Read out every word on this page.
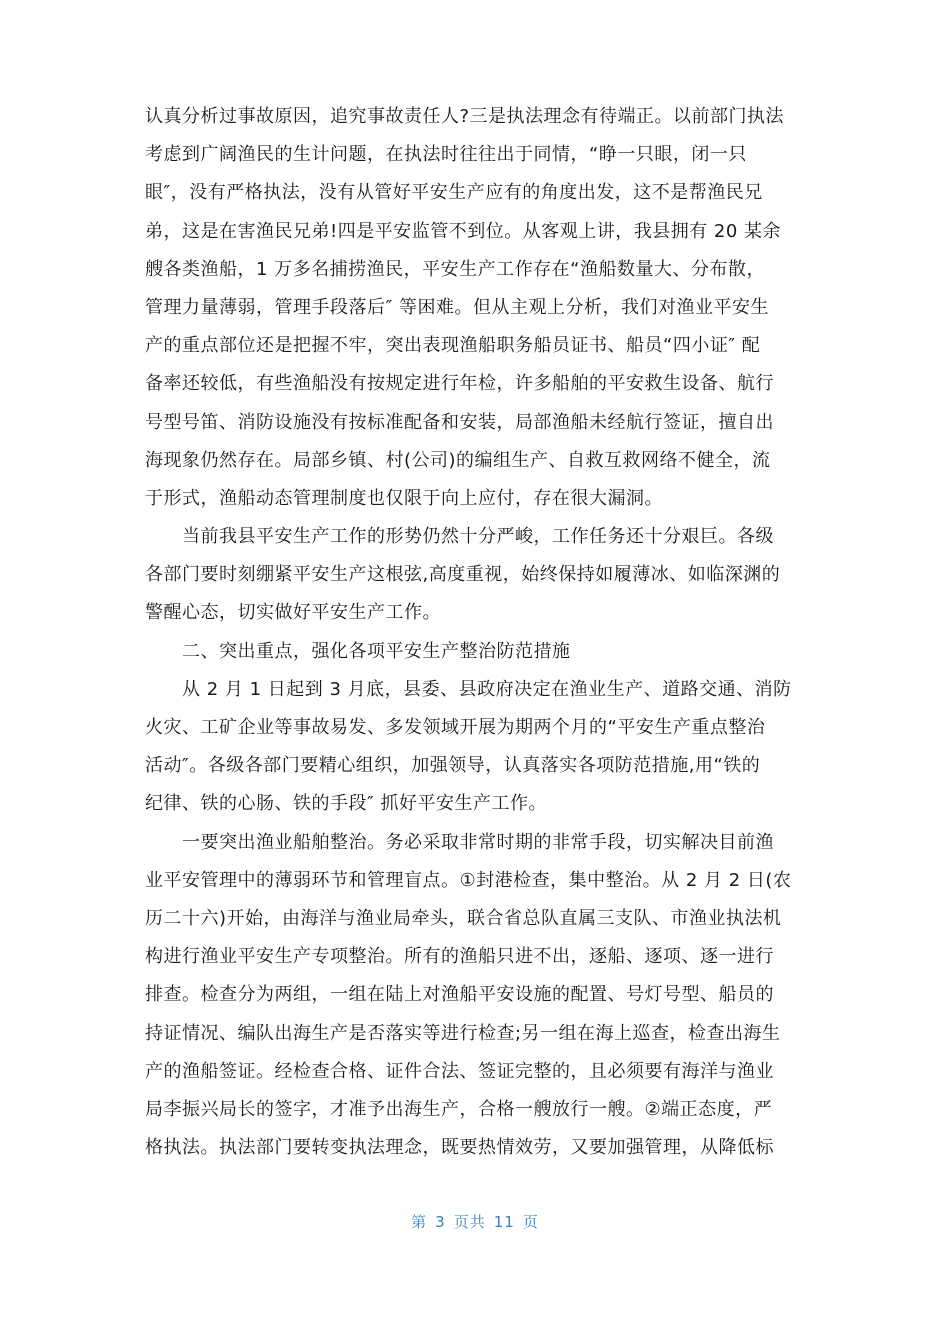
认真分析过事故原因，追究事故责任人?三是执法理念有待端正。以前部门执法
考虑到广阔渔民的生计问题，在执法时往往出于同情，“睁一只眼，闭一只
眼″，没有严格执法，没有从管好平安生产应有的角度出发，这不是帮渔民兄
弟，这是在害渔民兄弟!四是平安监管不到位。从客观上讲，我县拥有 20 某余
艘各类渔船，1 万多名捕捞渔民，平安生产工作存在“渔船数量大、分布散，
管理力量薄弱，管理手段落后″ 等困难。但从主观上分析，我们对渔业平安生
产的重点部位还是把握不牢，突出表现渔船职务船员证书、船员“四小证″ 配
备率还较低，有些渔船没有按规定进行年检，许多船舶的平安救生设备、航行
号型号笛、消防设施没有按标准配备和安装，局部渔船未经航行签证，擅自出
海现象仍然存在。局部乡镇、村(公司)的编组生产、自救互救网络不健全，流
于形式，渔船动态管理制度也仅限于向上应付，存在很大漏洞。
　　当前我县平安生产工作的形势仍然十分严峻，工作任务还十分艰巨。各级
各部门要时刻绷紧平安生产这根弦,高度重视，始终保持如履薄冰、如临深渊的
警醒心态，切实做好平安生产工作。
　　二、突出重点，强化各项平安生产整治防范措施
　　从 2 月 1 日起到 3 月底，县委、县政府决定在渔业生产、道路交通、消防
火灾、工矿企业等事故易发、多发领域开展为期两个月的“平安生产重点整治
活动″。各级各部门要精心组织，加强领导，认真落实各项防范措施,用“铁的
纪律、铁的心肠、铁的手段″ 抓好平安生产工作。
　　一要突出渔业船舶整治。务必采取非常时期的非常手段，切实解决目前渔
业平安管理中的薄弱环节和管理盲点。①封港检查，集中整治。从 2 月 2 日(农
历二十六)开始，由海洋与渔业局牵头，联合省总队直属三支队、市渔业执法机
构进行渔业平安生产专项整治。所有的渔船只进不出，逐船、逐项、逐一进行
排查。检查分为两组，一组在陆上对渔船平安设施的配置、号灯号型、船员的
持证情况、编队出海生产是否落实等进行检查;另一组在海上巡查，检查出海生
产的渔船签证。经检查合格、证件合法、签证完整的，且必须要有海洋与渔业
局李振兴局长的签字，才准予出海生产，合格一艘放行一艘。②端正态度，严
格执法。执法部门要转变执法理念，既要热情效劳，又要加强管理，从降低标
第 3 页共 11 页
